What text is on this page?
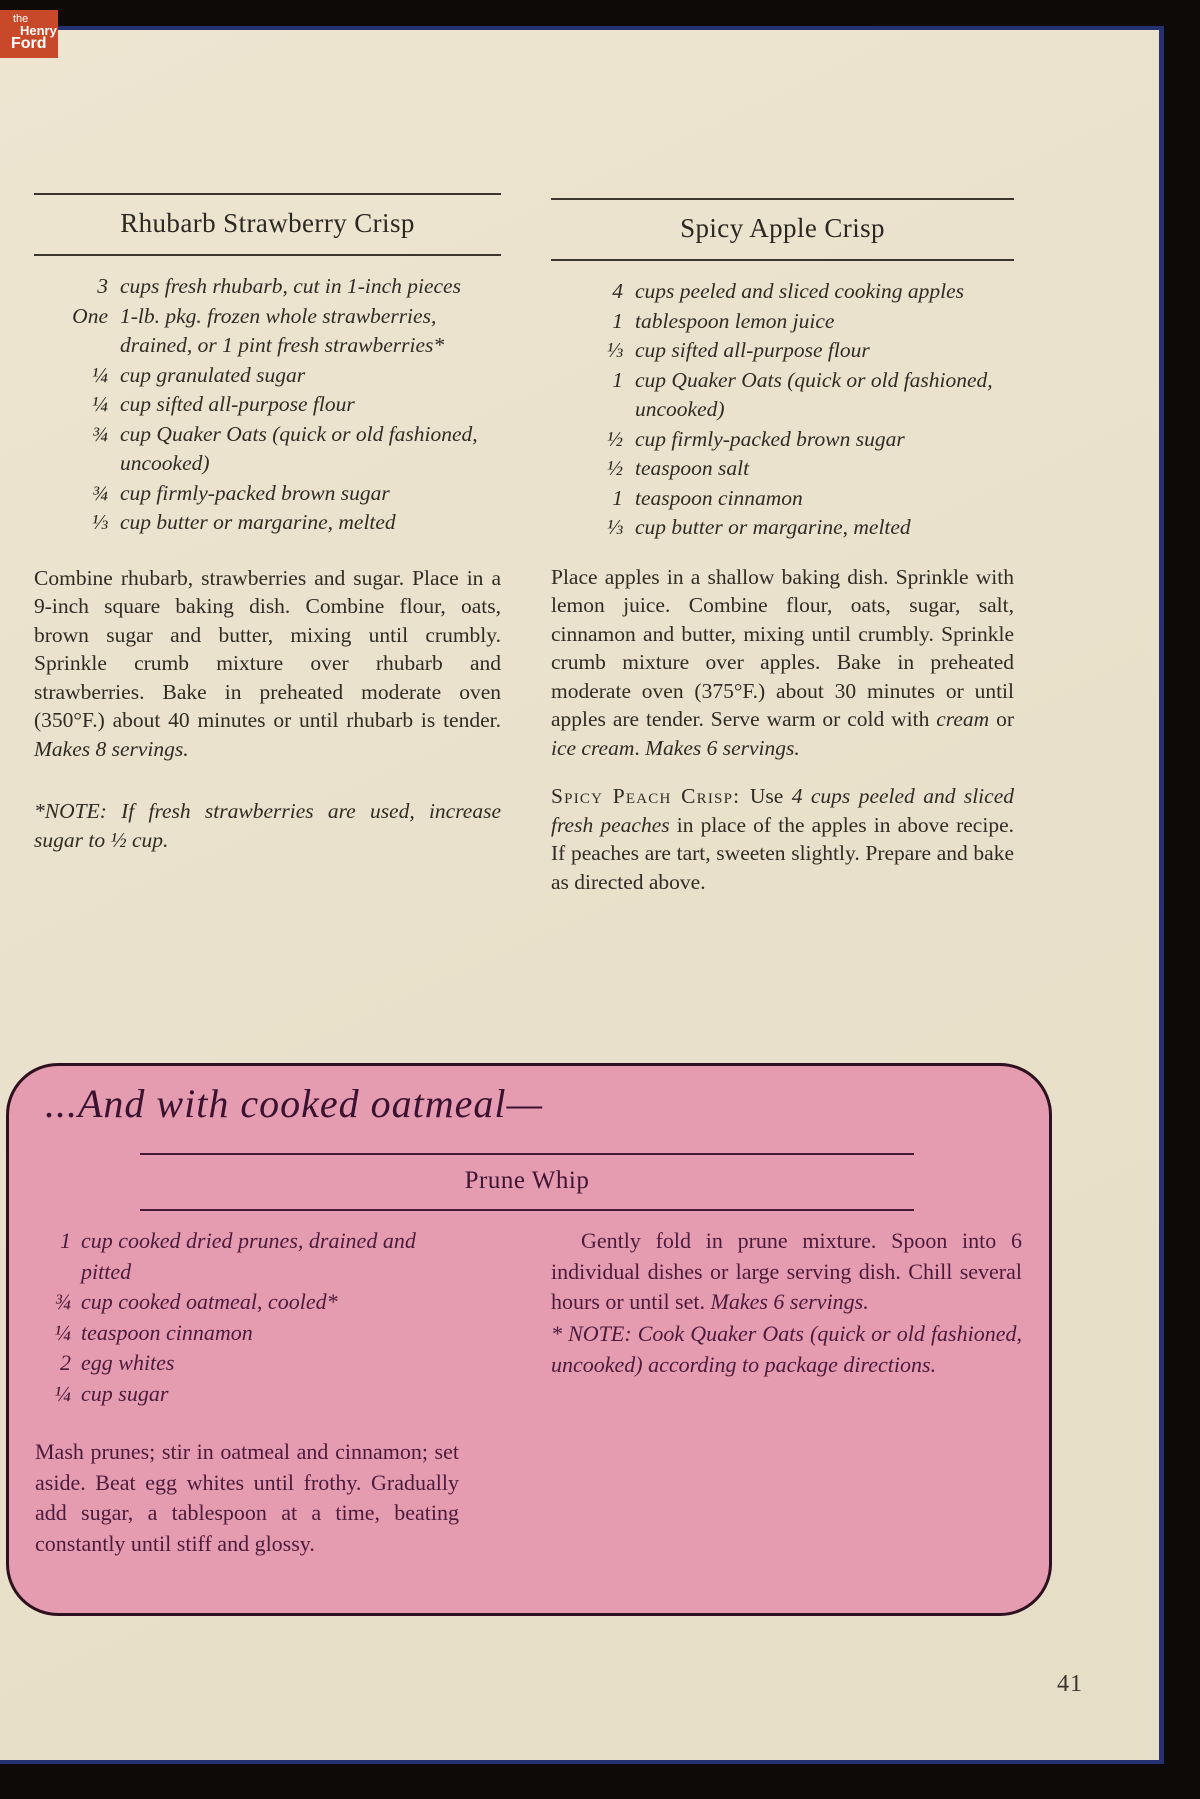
Rhubarb Strawberry Crisp
3 cups fresh rhubarb, cut in 1-inch pieces
One 1-lb. pkg. frozen whole strawberries, drained, or 1 pint fresh strawberries*
¼ cup granulated sugar
¼ cup sifted all-purpose flour
¾ cup Quaker Oats (quick or old fashioned, uncooked)
¾ cup firmly-packed brown sugar
⅓ cup butter or margarine, melted

Combine rhubarb, strawberries and sugar. Place in a 9-inch square baking dish. Combine flour, oats, brown sugar and butter, mixing until crumbly. Sprinkle crumb mixture over rhubarb and strawberries. Bake in preheated moderate oven (350°F.) about 40 minutes or until rhubarb is tender. Makes 8 servings.

*NOTE: If fresh strawberries are used, increase sugar to ½ cup.

Spicy Apple Crisp
4 cups peeled and sliced cooking apples
1 tablespoon lemon juice
⅓ cup sifted all-purpose flour
1 cup Quaker Oats (quick or old fashioned, uncooked)
½ cup firmly-packed brown sugar
½ teaspoon salt
1 teaspoon cinnamon
⅓ cup butter or margarine, melted

Place apples in a shallow baking dish. Sprinkle with lemon juice. Combine flour, oats, sugar, salt, cinnamon and butter, mixing until crumbly. Sprinkle crumb mixture over apples. Bake in preheated moderate oven (375°F.) about 30 minutes or until apples are tender. Serve warm or cold with cream or ice cream. Makes 6 servings.

Spicy Peach Crisp: Use 4 cups peeled and sliced fresh peaches in place of the apples in above recipe. If peaches are tart, sweeten slightly. Prepare and bake as directed above.

...And with cooked oatmeal—
Prune Whip
1 cup cooked dried prunes, drained and pitted
¾ cup cooked oatmeal, cooled*
¼ teaspoon cinnamon
2 egg whites
¼ cup sugar

Mash prunes; stir in oatmeal and cinnamon; set aside. Beat egg whites until frothy. Gradually add sugar, a tablespoon at a time, beating constantly until stiff and glossy.

Gently fold in prune mixture. Spoon into 6 individual dishes or large serving dish. Chill several hours or until set. Makes 6 servings.

* NOTE: Cook Quaker Oats (quick or old fashioned, uncooked) according to package directions.

41
the
Henry
Ford
